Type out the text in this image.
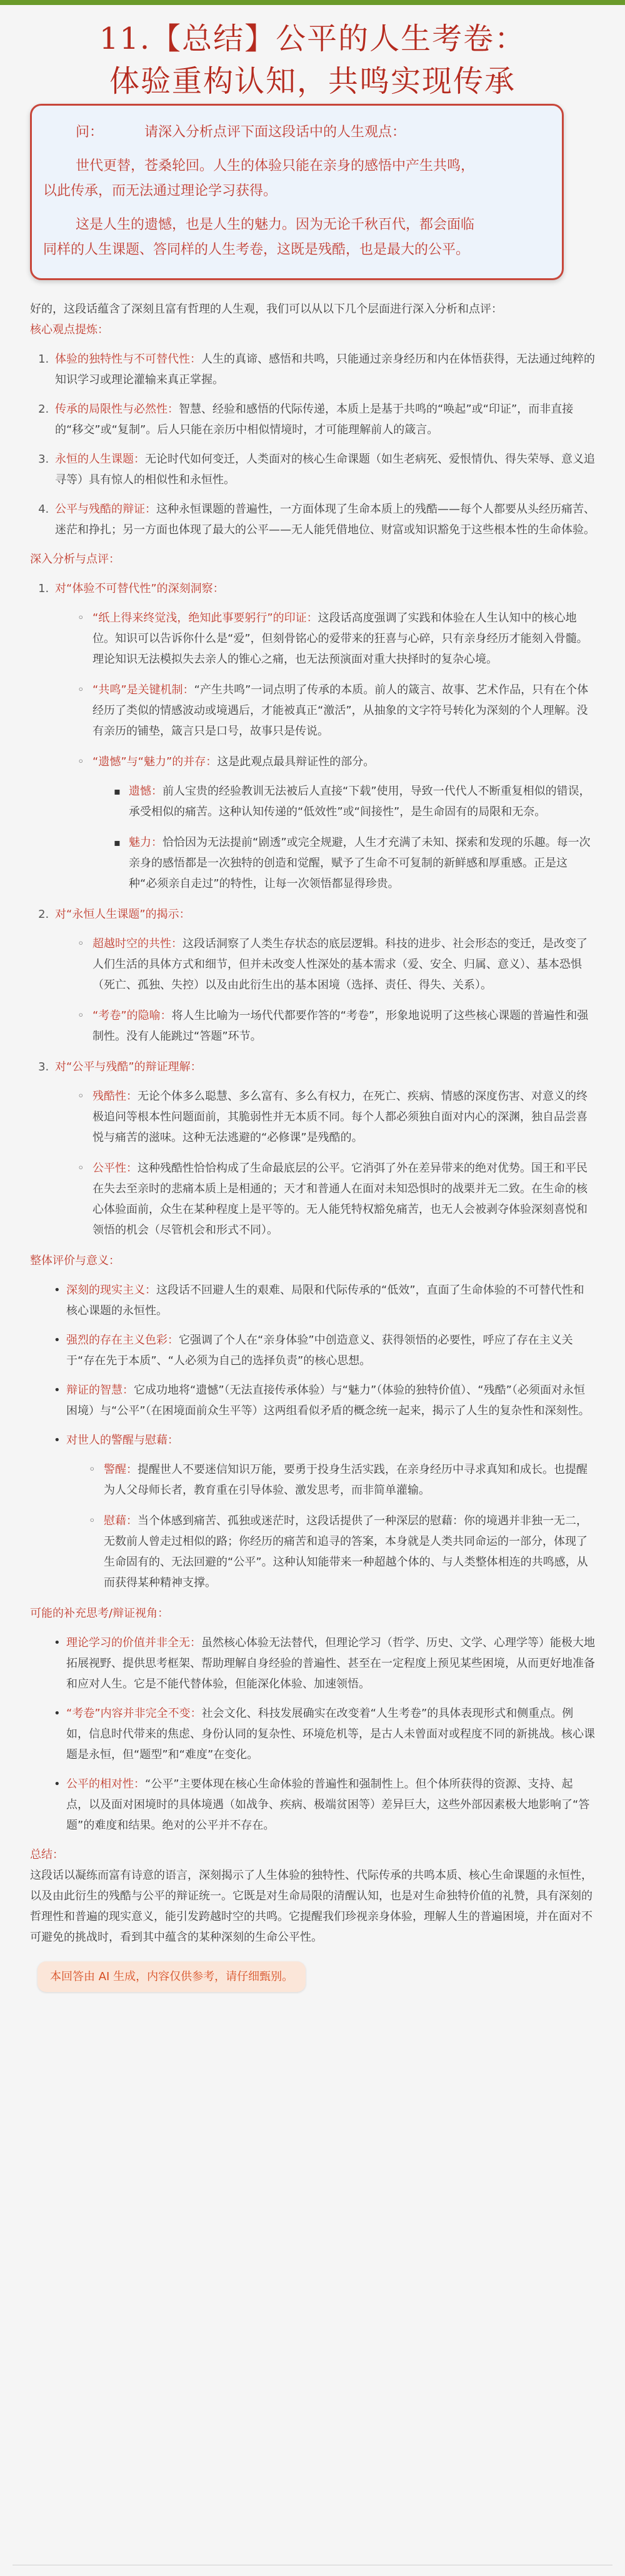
11.【总结】公平的人生考卷：
体验重构认知，共鸣实现传承
问：	请深入分析点评下面这段话中的人生观点：
世代更替，苍桑轮回。人生的体验只能在亲身的感悟中产生共鸣，
以此传承，而无法通过理论学习获得。
这是人生的遗憾，也是人生的魅力。因为无论千秋百代，都会面临
同样的人生课题、答同样的人生考卷，这既是残酷，也是最大的公平。

好的，这段话蕴含了深刻且富有哲理的人生观，我们可以从以下几个层面进行深入分析和点评：

核心观点提炼：

1. 体验的独特性与不可替代性：人生的真谛、感悟和共鸣，只能通过亲身经历和内在体悟获得，无法通过纯粹的知识学习或理论灌输来真正掌握。
2. 传承的局限性与必然性：智慧、经验和感悟的代际传递，本质上是基于共鸣的“唤起”或“印证”，而非直接的“移交”或“复制”。后人只能在亲历中相似情境时，才可能理解前人的箴言。
3. 永恒的人生课题：无论时代如何变迁，人类面对的核心生命课题（如生老病死、爱恨情仇、得失荣辱、意义追寻等）具有惊人的相似性和永恒性。
4. 公平与残酷的辩证：这种永恒课题的普遍性，一方面体现了生命本质上的残酷——每个人都要从头经历痛苦、迷茫和挣扎；另一方面也体现了最大的公平——无人能凭借地位、财富或知识豁免于这些根本性的生命体验。

深入分析与点评：

1. 对“体验不可替代性”的深刻洞察：
◦ “纸上得来终觉浅，绝知此事要躬行”的印证：这段话高度强调了实践和体验在人生认知中的核心地位。知识可以告诉你什么是“爱”，但刻骨铭心的爱带来的狂喜与心碎，只有亲身经历才能刻入骨髓。理论知识无法模拟失去亲人的锥心之痛，也无法预演面对重大抉择时的复杂心境。
◦ “共鸣”是关键机制：“产生共鸣”一词点明了传承的本质。前人的箴言、故事、艺术作品，只有在个体经历了类似的情感波动或境遇后，才能被真正“激活”，从抽象的文字符号转化为深刻的个人理解。没有亲历的铺垫，箴言只是口号，故事只是传说。
◦ “遗憾”与“魅力”的并存：这是此观点最具辩证性的部分。
▪ 遗憾：前人宝贵的经验教训无法被后人直接“下载”使用，导致一代代人不断重复相似的错误，承受相似的痛苦。这种认知传递的“低效性”或“间接性”，是生命固有的局限和无奈。
▪ 魅力：恰恰因为无法提前“剧透”或完全规避，人生才充满了未知、探索和发现的乐趣。每一次亲身的感悟都是一次独特的创造和觉醒，赋予了生命不可复制的新鲜感和厚重感。正是这种“必须亲自走过”的特性，让每一次领悟都显得珍贵。
2. 对“永恒人生课题”的揭示：
◦ 超越时空的共性：这段话洞察了人类生存状态的底层逻辑。科技的进步、社会形态的变迁，是改变了人们生活的具体方式和细节，但并未改变人性深处的基本需求（爱、安全、归属、意义）、基本恐惧（死亡、孤独、失控）以及由此衍生出的基本困境（选择、责任、得失、关系）。
◦ “考卷”的隐喻：将人生比喻为一场代代都要作答的“考卷”，形象地说明了这些核心课题的普遍性和强制性。没有人能跳过“答题”环节。
3. 对“公平与残酷”的辩证理解：
◦ 残酷性：无论个体多么聪慧、多么富有、多么有权力，在死亡、疾病、情感的深度伤害、对意义的终极追问等根本性问题面前，其脆弱性并无本质不同。每个人都必须独自面对内心的深渊，独自品尝喜悦与痛苦的滋味。这种无法逃避的“必修课”是残酷的。
◦ 公平性：这种残酷性恰恰构成了生命最底层的公平。它消弭了外在差异带来的绝对优势。国王和平民在失去至亲时的悲痛本质上是相通的；天才和普通人在面对未知恐惧时的战栗并无二致。在生命的核心体验面前，众生在某种程度上是平等的。无人能凭特权豁免痛苦，也无人会被剥夺体验深刻喜悦和领悟的机会（尽管机会和形式不同）。

整体评价与意义：

• 深刻的现实主义：这段话不回避人生的艰难、局限和代际传承的“低效”，直面了生命体验的不可替代性和核心课题的永恒性。
• 强烈的存在主义色彩：它强调了个人在“亲身体验”中创造意义、获得领悟的必要性，呼应了存在主义关于“存在先于本质”、“人必须为自己的选择负责”的核心思想。
• 辩证的智慧：它成功地将“遗憾”（无法直接传承体验）与“魅力”（体验的独特价值）、“残酷”（必须面对永恒困境）与“公平”（在困境面前众生平等）这两组看似矛盾的概念统一起来，揭示了人生的复杂性和深刻性。
• 对世人的警醒与慰藉：
◦ 警醒：提醒世人不要迷信知识万能，要勇于投身生活实践，在亲身经历中寻求真知和成长。也提醒为人父母师长者，教育重在引导体验、激发思考，而非简单灌输。
◦ 慰藉：当个体感到痛苦、孤独或迷茫时，这段话提供了一种深层的慰藉：你的境遇并非独一无二，无数前人曾走过相似的路；你经历的痛苦和追寻的答案，本身就是人类共同命运的一部分，体现了生命固有的、无法回避的“公平”。这种认知能带来一种超越个体的、与人类整体相连的共鸣感，从而获得某种精神支撑。

可能的补充思考/辩证视角：

• 理论学习的价值并非全无：虽然核心体验无法替代，但理论学习（哲学、历史、文学、心理学等）能极大地拓展视野、提供思考框架、帮助理解自身经验的普遍性、甚至在一定程度上预见某些困境，从而更好地准备和应对人生。它是不能代替体验，但能深化体验、加速领悟。
• “考卷”内容并非完全不变：社会文化、科技发展确实在改变着“人生考卷”的具体表现形式和侧重点。例如，信息时代带来的焦虑、身份认同的复杂性、环境危机等，是古人未曾面对或程度不同的新挑战。核心课题是永恒，但“题型”和“难度”在变化。
• 公平的相对性：“公平”主要体现在核心生命体验的普遍性和强制性上。但个体所获得的资源、支持、起点，以及面对困境时的具体境遇（如战争、疾病、极端贫困等）差异巨大，这些外部因素极大地影响了“答题”的难度和结果。绝对的公平并不存在。

总结：

这段话以凝练而富有诗意的语言，深刻揭示了人生体验的独特性、代际传承的共鸣本质、核心生命课题的永恒性，以及由此衍生的残酷与公平的辩证统一。它既是对生命局限的清醒认知，也是对生命独特价值的礼赞，具有深刻的哲理性和普遍的现实意义，能引发跨越时空的共鸣。它提醒我们珍视亲身体验，理解人生的普遍困境，并在面对不可避免的挑战时，看到其中蕴含的某种深刻的生命公平性。

本回答由 AI 生成，内容仅供参考，请仔细甄别。
